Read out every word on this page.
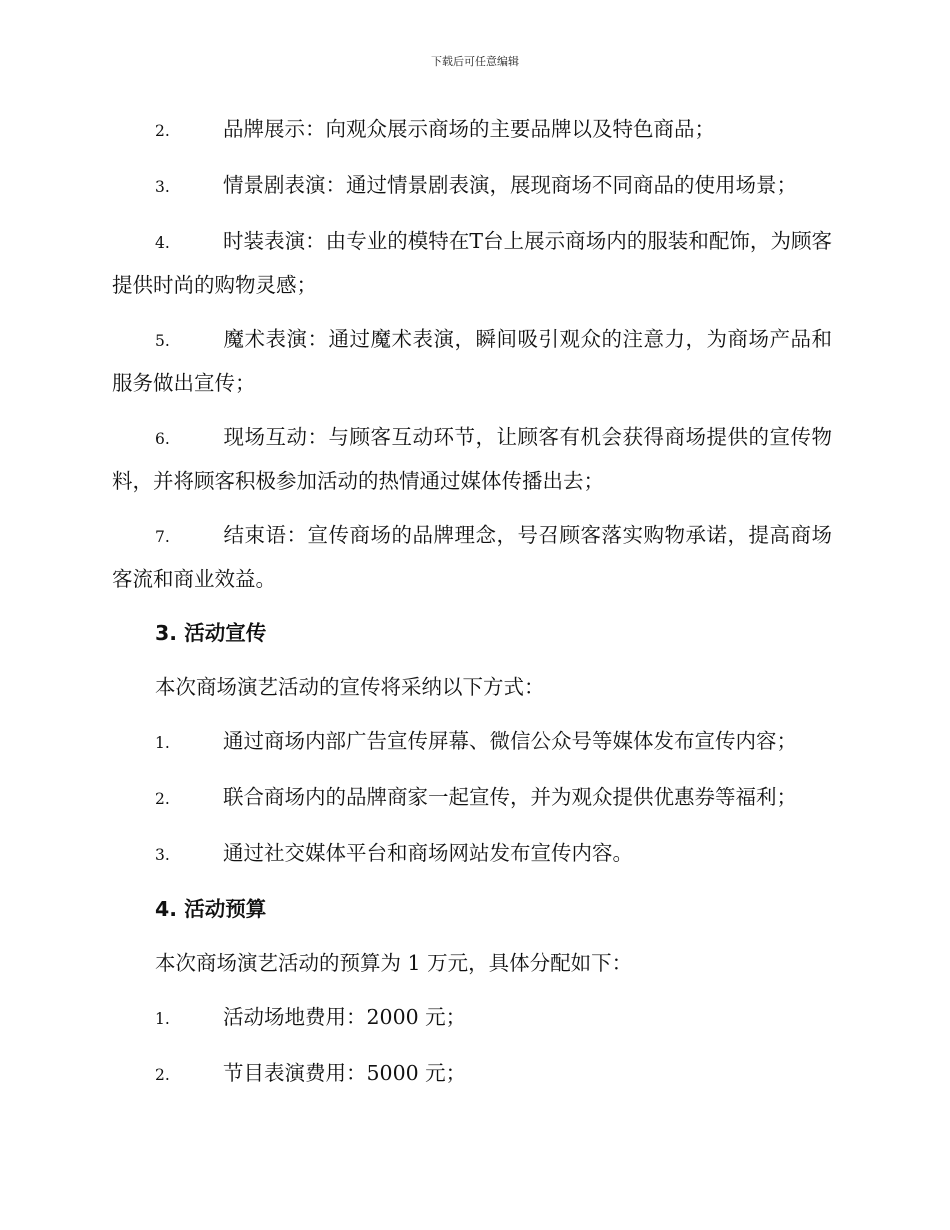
下载后可任意编辑

2.	品牌展示：向观众展示商场的主要品牌以及特色商品；

3.	情景剧表演：通过情景剧表演，展现商场不同商品的使用场景；

4.	时装表演：由专业的模特在T台上展示商场内的服装和配饰，为顾客提供时尚的购物灵感；

5.	魔术表演：通过魔术表演，瞬间吸引观众的注意力，为商场产品和服务做出宣传；

6.	现场互动：与顾客互动环节，让顾客有机会获得商场提供的宣传物料，并将顾客积极参加活动的热情通过媒体传播出去；

7.	结束语：宣传商场的品牌理念，号召顾客落实购物承诺，提高商场客流和商业效益。

3. 活动宣传

本次商场演艺活动的宣传将采纳以下方式：

1.	通过商场内部广告宣传屏幕、微信公众号等媒体发布宣传内容；

2.	联合商场内的品牌商家一起宣传，并为观众提供优惠券等福利；

3.	通过社交媒体平台和商场网站发布宣传内容。

4. 活动预算

本次商场演艺活动的预算为 1 万元，具体分配如下：

1.	活动场地费用：2000 元；

2.	节目表演费用：5000 元；
